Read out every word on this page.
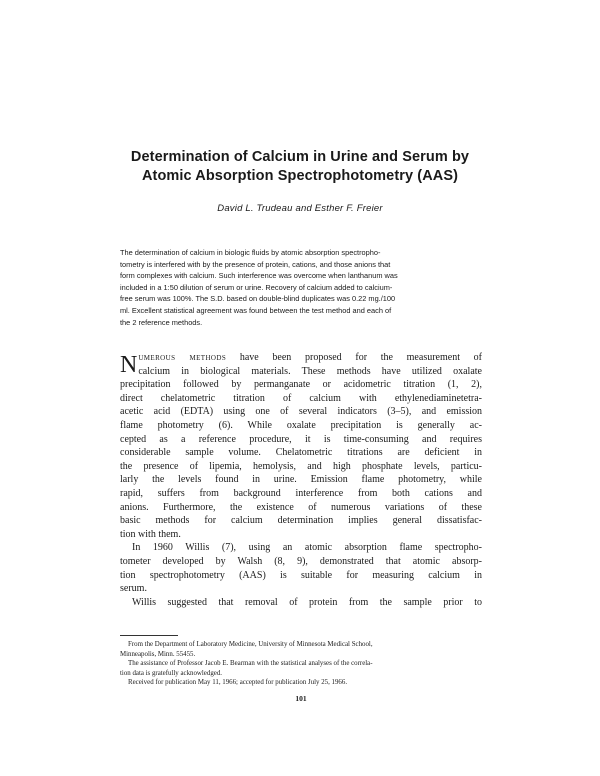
Determination of Calcium in Urine and Serum by
Atomic Absorption Spectrophotometry (AAS)
David L. Trudeau and Esther F. Freier
The determination of calcium in biologic fluids by atomic absorption spectropho-
tometry is interfered with by the presence of protein, cations, and those anions that
form complexes with calcium. Such interference was overcome when lanthanum was
included in a 1:50 dilution of serum or urine. Recovery of calcium added to calcium-
free serum was 100%. The S.D. based on double-blind duplicates was 0.22 mg./100
ml. Excellent statistical agreement was found between the test method and each of
the 2 reference methods.
N umerous methods have been proposed for the measurement of
calcium in biological materials. These methods have utilized oxalate
precipitation followed by permanganate or acidometric titration (1, 2),
direct chelatometric titration of calcium with ethylenediaminetetra-
acetic acid (EDTA) using one of several indicators (3–5), and emission
flame photometry (6). While oxalate precipitation is generally ac-
cepted as a reference procedure, it is time-consuming and requires
considerable sample volume. Chelatometric titrations are deficient in
the presence of lipemia, hemolysis, and high phosphate levels, particu-
larly the levels found in urine. Emission flame photometry, while
rapid, suffers from background interference from both cations and
anions. Furthermore, the existence of numerous variations of these
basic methods for calcium determination implies general dissatisfac-
tion with them.
In 1960 Willis (7), using an atomic absorption flame spectropho-
tometer developed by Walsh (8, 9), demonstrated that atomic absorp-
tion spectrophotometry (AAS) is suitable for measuring calcium in
serum.
Willis suggested that removal of protein from the sample prior to
From the Department of Laboratory Medicine, University of Minnesota Medical School,
Minneapolis, Minn. 55455.
The assistance of Professor Jacob E. Bearman with the statistical analyses of the correla-
tion data is gratefully acknowledged.
Received for publication May 11, 1966; accepted for publication July 25, 1966.
101
